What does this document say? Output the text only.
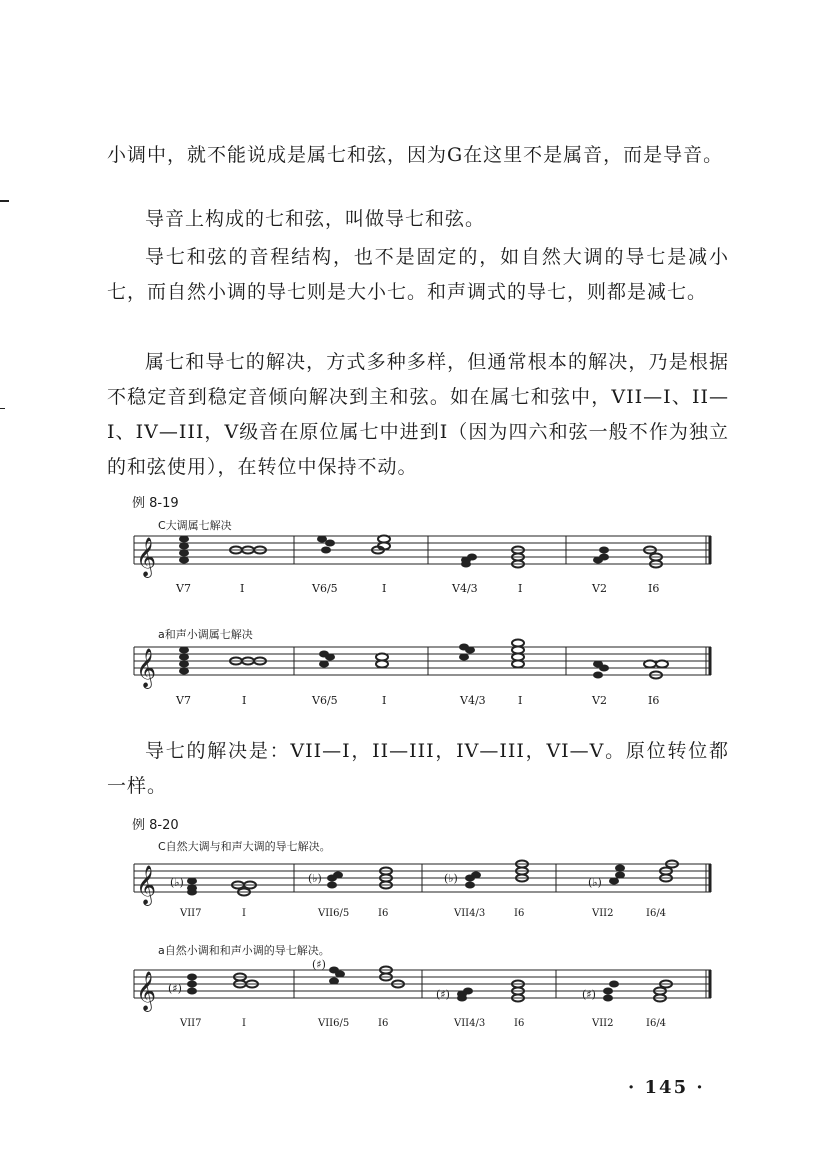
小调中，就不能说成是属七和弦，因为G在这里不是属音，而是导音。

导音上构成的七和弦，叫做导七和弦。

导七和弦的音程结构，也不是固定的，如自然大调的导七是减小七，而自然小调的导七则是大小七。和声调式的导七，则都是减七。

属七和导七的解决，方式多种多样，但通常根本的解决，乃是根据不稳定音到稳定音倾向解决到主和弦。如在属七和弦中，VII—I、II—I、IV—III，V级音在原位属七中进到I（因为四六和弦一般不作为独立的和弦使用），在转位中保持不动。

例 8-19
C大调属七解决
𝄞
V7	I	V6/5	I	V4/3	I	V2	I6
a和声小调属七解决
𝄞
V7	I	V6/5	I	V4/3	I	V2	I6

导七的解决是：VII—I，II—III，IV—III，VI—V。原位转位都一样。

例 8-20
C自然大调与和声大调的导七解决。
𝄞 (♭)	(♭)	(♭)	(♭)
VII7	I	VII6/5	I6	VII4/3	I6	VII2	I6/4
a自然小调和和声小调的导七解决。
𝄞 (♯)
(♯)
(♯)	(♯)
VII7	I	VII6/5	I6	VII4/3	I6	VII2	I6/4
· 145 ·
